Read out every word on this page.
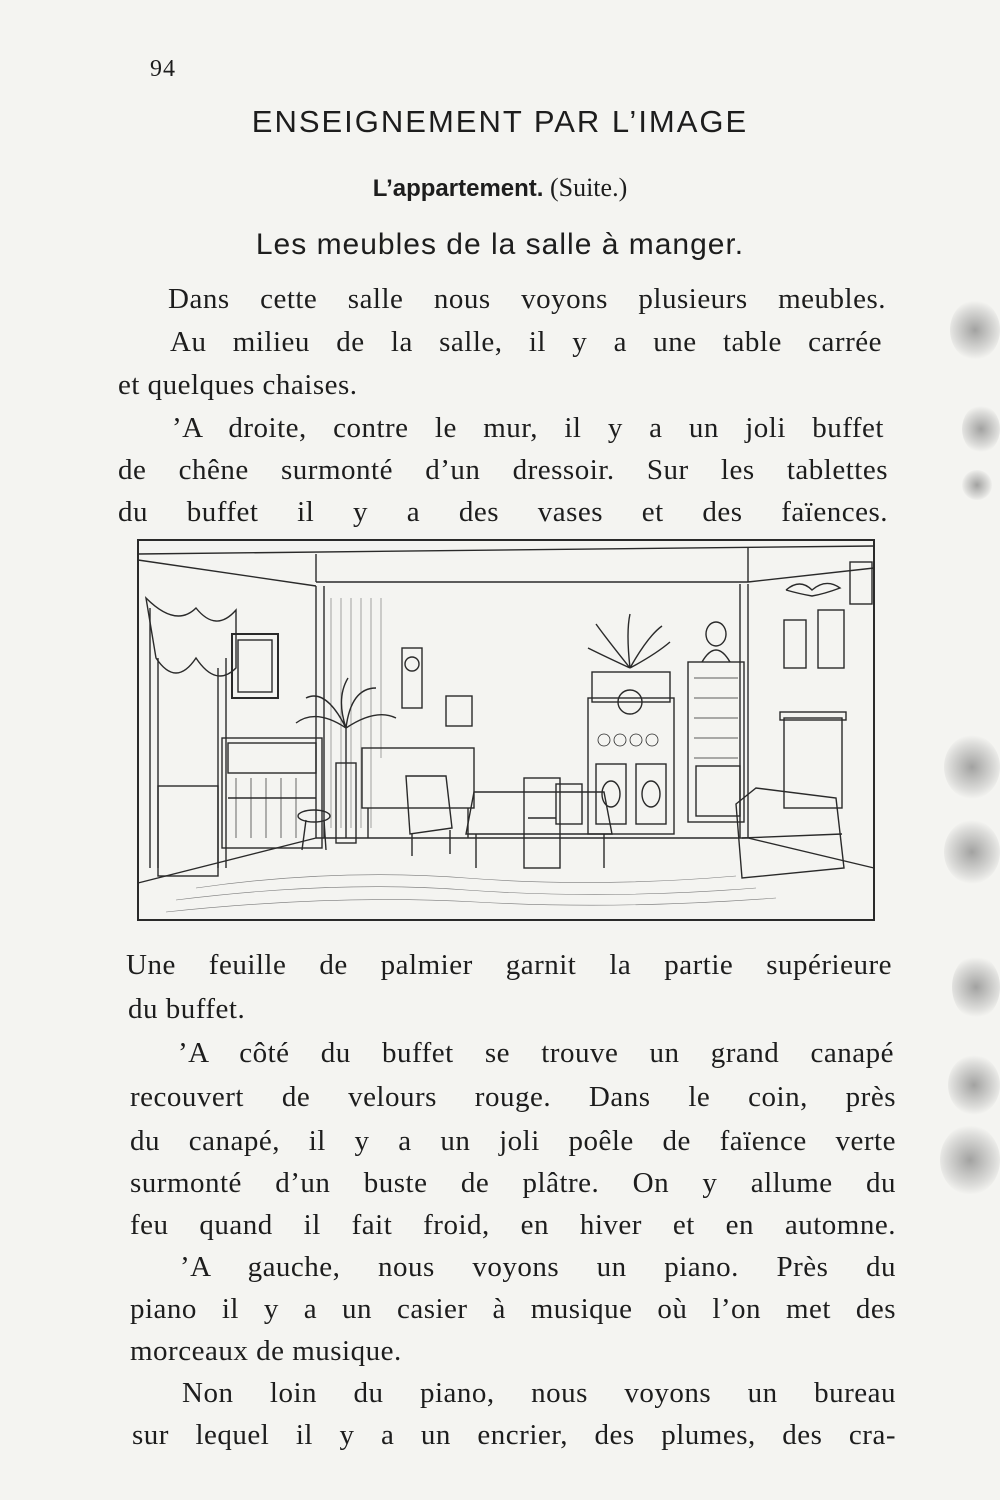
94
ENSEIGNEMENT PAR L’IMAGE
L’appartement. (Suite.)
Les meubles de la salle à manger.
Dans cette salle nous voyons plusieurs meubles.
Au milieu de la salle, il y a une table carrée
et quelques chaises.
ʼA droite, contre le mur, il y a un joli buffet
de chêne surmonté d’un dressoir. Sur les tablettes
du buffet il y a des vases et des faïences.
Une feuille de palmier garnit la partie supérieure
du buffet.
ʼA côté du buffet se trouve un grand canapé
recouvert de velours rouge. Dans le coin, près
du canapé, il y a un joli poêle de faïence verte
surmonté d’un buste de plâtre. On y allume du
feu quand il fait froid, en hiver et en automne.
ʼA gauche, nous voyons un piano. Près du
piano il y a un casier à musique où l’on met des
morceaux de musique.
Non loin du piano, nous voyons un bureau
sur lequel il y a un encrier, des plumes, des cra-
